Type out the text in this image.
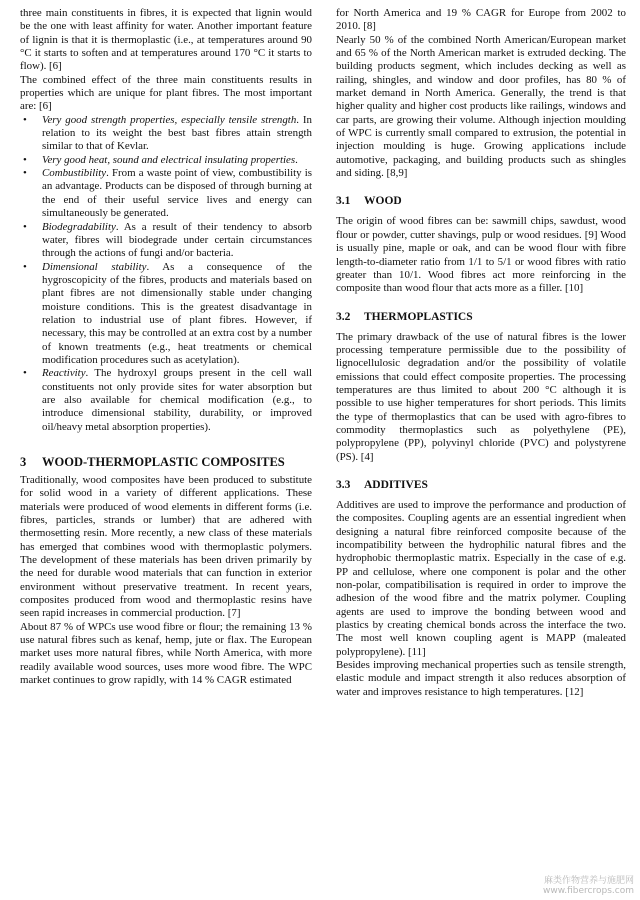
three main constituents in fibres, it is expected that lignin would be the one with least affinity for water. Another important feature of lignin is that it is thermoplastic (i.e., at temperatures around 90 °C it starts to soften and at temperatures around 170 °C it starts to flow). [6]

The combined effect of the three main constituents results in properties which are unique for plant fibres. The most important are: [6]

• Very good strength properties, especially tensile strength. In relation to its weight the best bast fibres attain strength similar to that of Kevlar.
• Very good heat, sound and electrical insulating properties.
• Combustibility. From a waste point of view, combustibility is an advantage. Products can be disposed of through burning at the end of their useful service lives and energy can simultaneously be generated.
• Biodegradability. As a result of their tendency to absorb water, fibres will biodegrade under certain circumstances through the actions of fungi and/or bacteria.
• Dimensional stability. As a consequence of the hygroscopicity of the fibres, products and materials based on plant fibres are not dimensionally stable under changing moisture conditions. This is the greatest disadvantage in relation to industrial use of plant fibres. However, if necessary, this may be controlled at an extra cost by a number of known treatments (e.g., heat treatments or chemical modification procedures such as acetylation).
• Reactivity. The hydroxyl groups present in the cell wall constituents not only provide sites for water absorption but are also available for chemical modification (e.g., to introduce dimensional stability, durability, or improved oil/heavy metal absorption properties).
3	WOOD-THERMOPLASTIC COMPOSITES

Traditionally, wood composites have been produced to substitute for solid wood in a variety of different applications. These materials were produced of wood elements in different forms (i.e. fibres, particles, strands or lumber) that are adhered with thermosetting resin. More recently, a new class of these materials has emerged that combines wood with thermoplastic polymers. The development of these materials has been driven primarily by the need for durable wood materials that can function in exterior environment without preservative treatment. In recent years, composites produced from wood and thermoplastic resins have seen rapid increases in commercial production. [7]

About 87 % of WPCs use wood fibre or flour; the remaining 13 % use natural fibres such as kenaf, hemp, jute or flax. The European market uses more natural fibres, while North America, with more readily available wood sources, uses more wood fibre. The WPC market continues to grow rapidly, with 14 % CAGR estimated

for North America and 19 % CAGR for Europe from 2002 to 2010. [8]

Nearly 50 % of the combined North American/European market and 65 % of the North American market is extruded decking. The building products segment, which includes decking as well as railing, shingles, and window and door profiles, has 80 % of market demand in North America. Generally, the trend is that higher quality and higher cost products like railings, windows and car parts, are growing their volume. Although injection moulding of WPC is currently small compared to extrusion, the potential in injection moulding is huge. Growing applications include automotive, packaging, and building products such as shingles and siding. [8,9]

3.1	WOOD

The origin of wood fibres can be: sawmill chips, sawdust, wood flour or powder, cutter shavings, pulp or wood residues. [9] Wood is usually pine, maple or oak, and can be wood flour with fibre length-to-diameter ratio from 1/1 to 5/1 or wood fibres with ratio greater than 10/1. Wood fibres act more reinforcing in the composite than wood flour that acts more as a filler. [10]

3.2	THERMOPLASTICS

The primary drawback of the use of natural fibres is the lower processing temperature permissible due to the possibility of lignocellulosic degradation and/or the possibility of volatile emissions that could effect composite properties. The processing temperatures are thus limited to about 200 °C although it is possible to use higher temperatures for short periods. This limits the type of thermoplastics that can be used with agro-fibres to commodity thermoplastics such as polyethylene (PE), polypropylene (PP), polyvinyl chloride (PVC) and polystyrene (PS). [4]

3.3	ADDITIVES

Additives are used to improve the performance and production of the composites. Coupling agents are an essential ingredient when designing a natural fibre reinforced composite because of the incompatibility between the hydrophilic natural fibres and the hydrophobic thermoplastic matrix. Especially in the case of e.g. PP and cellulose, where one component is polar and the other non-polar, compatibilisation is required in order to improve the adhesion of the wood fibre and the matrix polymer. Coupling agents are used to improve the bonding between wood and plastics by creating chemical bonds across the interface the two. The most well known coupling agent is MAPP (maleated polypropylene). [11]

Besides improving mechanical properties such as tensile strength, elastic module and impact strength it also reduces absorption of water and improves resistance to high temperatures. [12]

麻类作物营养与施肥网
www.fibercrops.com
